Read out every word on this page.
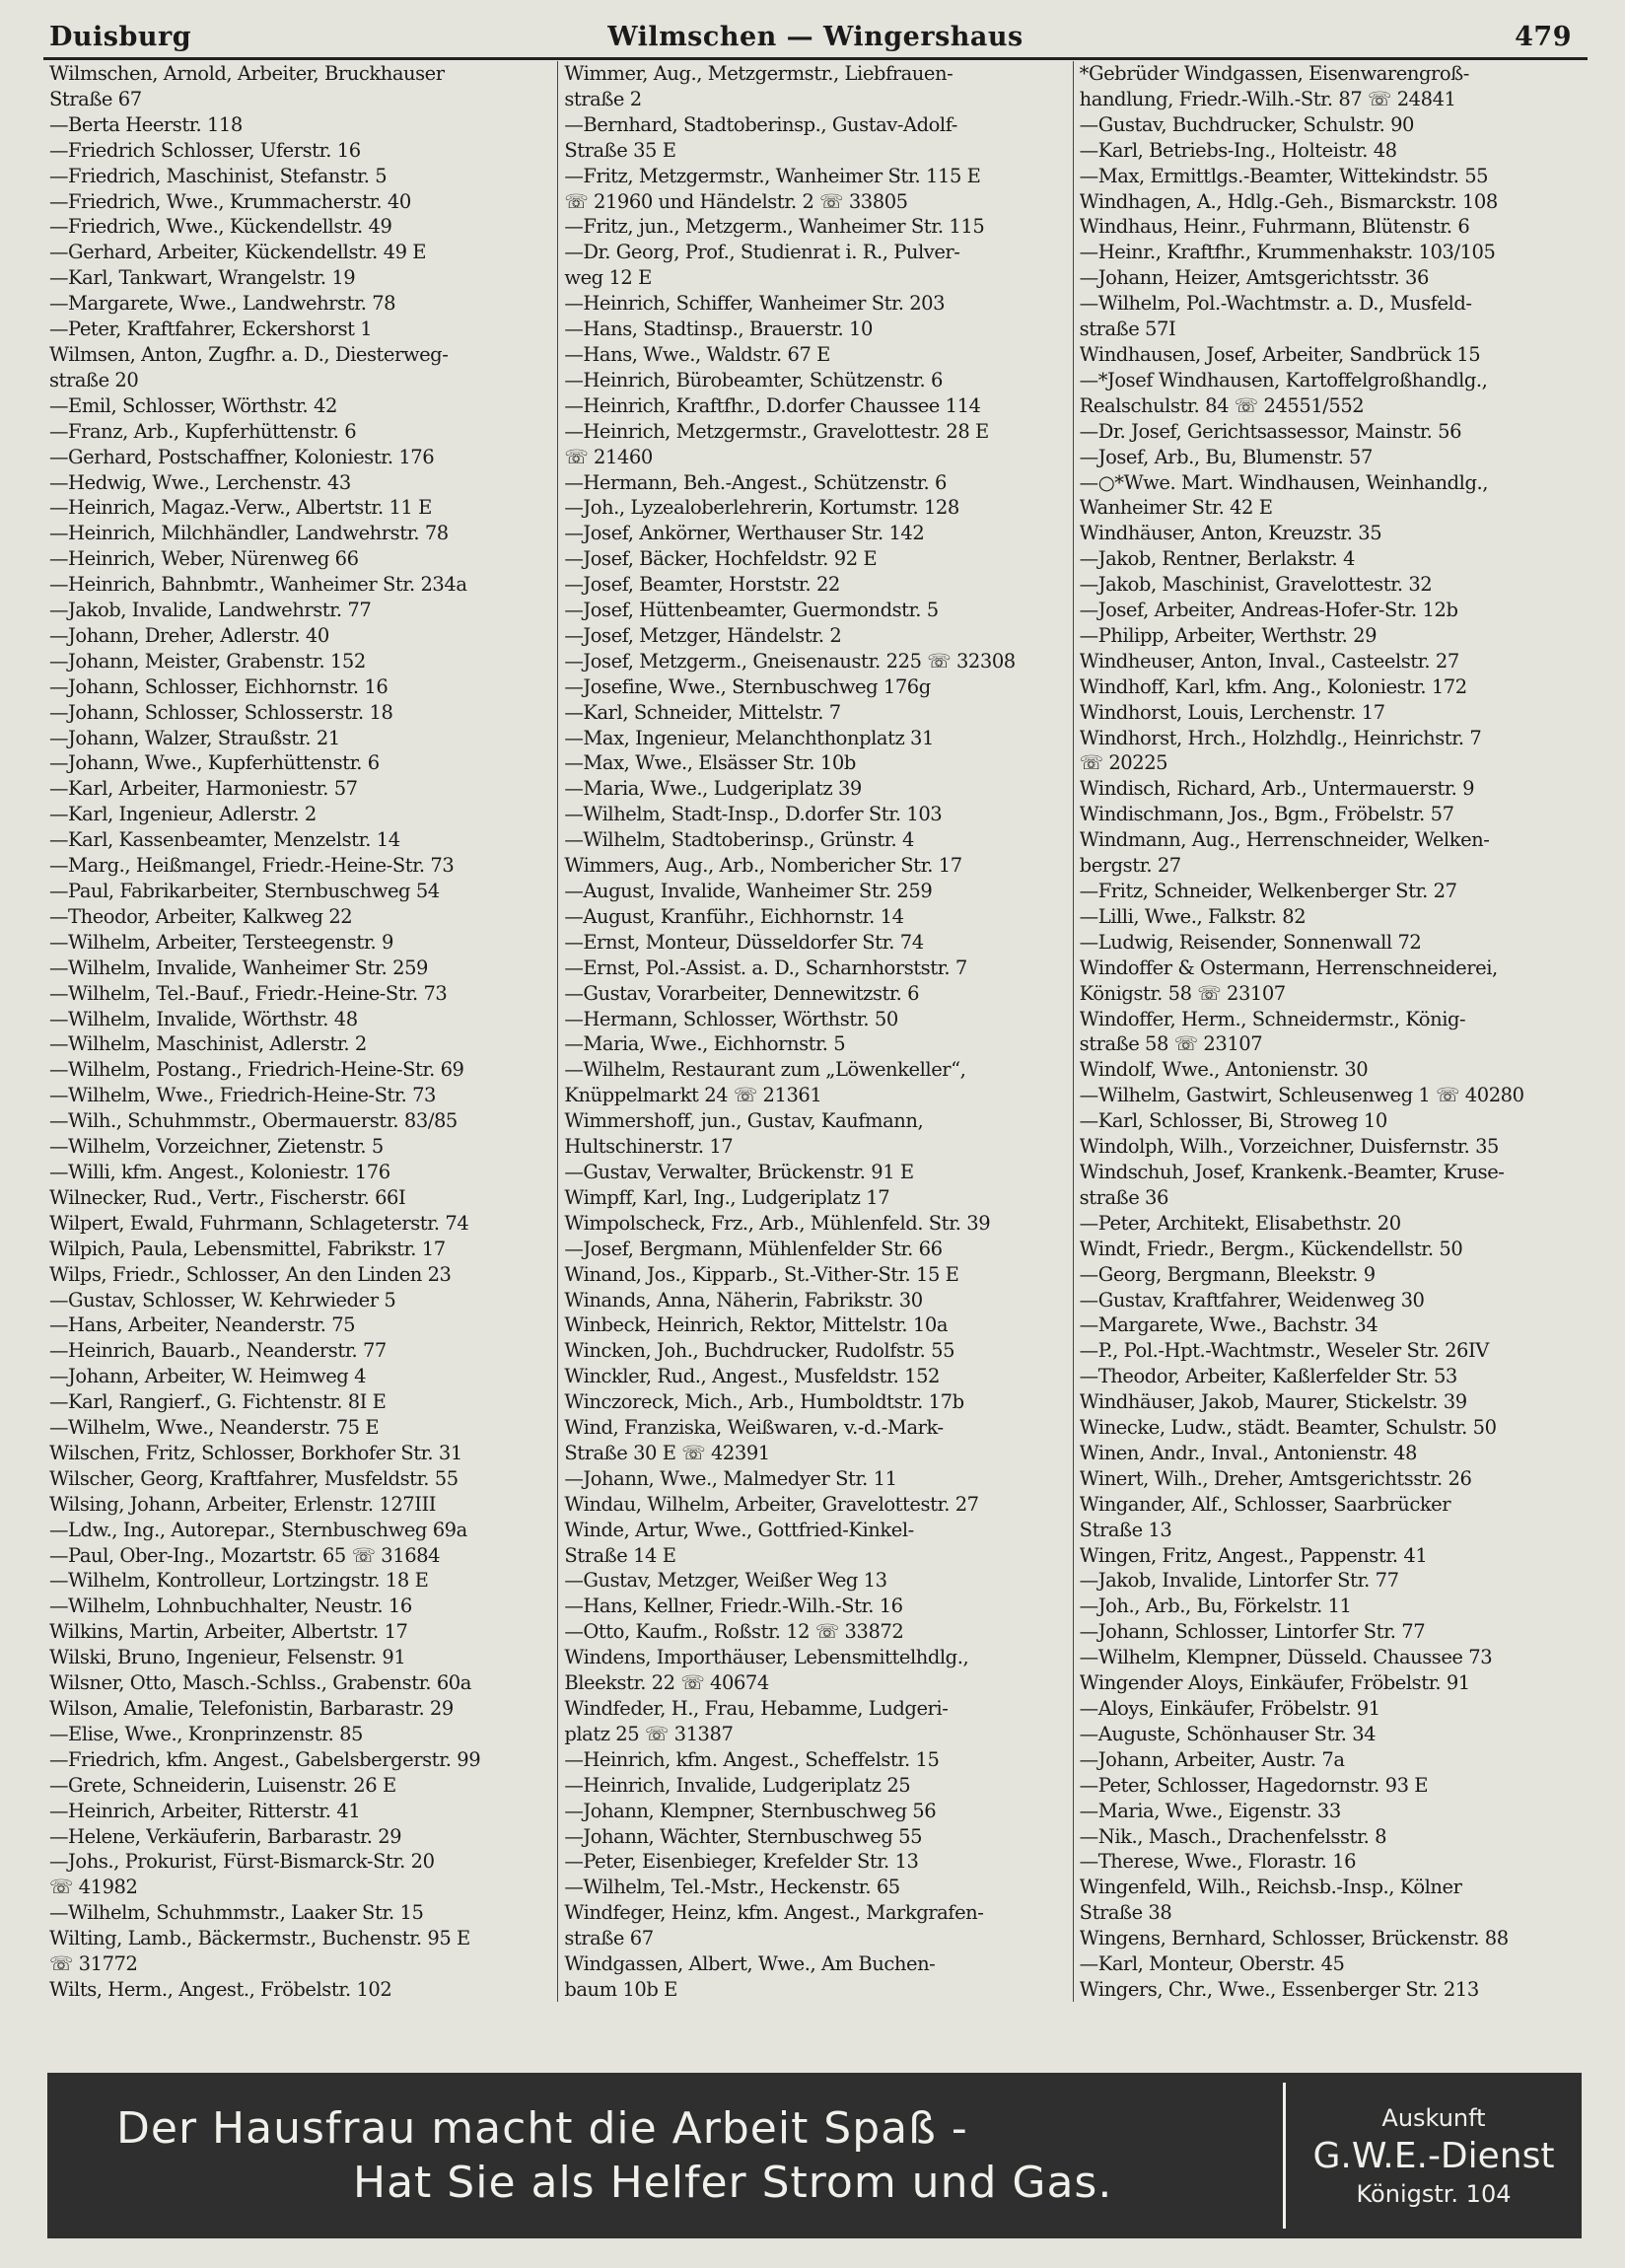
Duisburg	Wilmschen — Wingershaus	479
Wilmschen, Arnold, Arbeiter, Bruckhauser
Straße 67
—Berta Heerstr. 118
—Friedrich Schlosser, Uferstr. 16
—Friedrich, Maschinist, Stefanstr. 5
—Friedrich, Wwe., Krummacherstr. 40
—Friedrich, Wwe., Kückendellstr. 49
—Gerhard, Arbeiter, Kückendellstr. 49 E
—Karl, Tankwart, Wrangelstr. 19
—Margarete, Wwe., Landwehrstr. 78
—Peter, Kraftfahrer, Eckershorst 1
Wilmsen, Anton, Zugfhr. a. D., Diesterweg-
straße 20
—Emil, Schlosser, Wörthstr. 42
—Franz, Arb., Kupferhüttenstr. 6
—Gerhard, Postschaffner, Koloniestr. 176
—Hedwig, Wwe., Lerchenstr. 43
—Heinrich, Magaz.-Verw., Albertstr. 11 E
—Heinrich, Milchhändler, Landwehrstr. 78
—Heinrich, Weber, Nürenweg 66
—Heinrich, Bahnbmtr., Wanheimer Str. 234a
—Jakob, Invalide, Landwehrstr. 77
—Johann, Dreher, Adlerstr. 40
—Johann, Meister, Grabenstr. 152
—Johann, Schlosser, Eichhornstr. 16
—Johann, Schlosser, Schlosserstr. 18
—Johann, Walzer, Straußstr. 21
—Johann, Wwe., Kupferhüttenstr. 6
—Karl, Arbeiter, Harmoniestr. 57
—Karl, Ingenieur, Adlerstr. 2
—Karl, Kassenbeamter, Menzelstr. 14
—Marg., Heißmangel, Friedr.-Heine-Str. 73
—Paul, Fabrikarbeiter, Sternbuschweg 54
—Theodor, Arbeiter, Kalkweg 22
—Wilhelm, Arbeiter, Tersteegenstr. 9
—Wilhelm, Invalide, Wanheimer Str. 259
—Wilhelm, Tel.-Bauf., Friedr.-Heine-Str. 73
—Wilhelm, Invalide, Wörthstr. 48
—Wilhelm, Maschinist, Adlerstr. 2
—Wilhelm, Postang., Friedrich-Heine-Str. 69
—Wilhelm, Wwe., Friedrich-Heine-Str. 73
—Wilh., Schuhmmstr., Obermauerstr. 83/85
—Wilhelm, Vorzeichner, Zietenstr. 5
—Willi, kfm. Angest., Koloniestr. 176
Wilnecker, Rud., Vertr., Fischerstr. 66I
Wilpert, Ewald, Fuhrmann, Schlageterstr. 74
Wilpich, Paula, Lebensmittel, Fabrikstr. 17
Wilps, Friedr., Schlosser, An den Linden 23
—Gustav, Schlosser, W. Kehrwieder 5
—Hans, Arbeiter, Neanderstr. 75
—Heinrich, Bauarb., Neanderstr. 77
—Johann, Arbeiter, W. Heimweg 4
—Karl, Rangierf., G. Fichtenstr. 8I E
—Wilhelm, Wwe., Neanderstr. 75 E
Wilschen, Fritz, Schlosser, Borkhofer Str. 31
Wilscher, Georg, Kraftfahrer, Musfeldstr. 55
Wilsing, Johann, Arbeiter, Erlenstr. 127III
—Ldw., Ing., Autorepar., Sternbuschweg 69a
—Paul, Ober-Ing., Mozartstr. 65 ☏ 31684
—Wilhelm, Kontrolleur, Lortzingstr. 18 E
—Wilhelm, Lohnbuchhalter, Neustr. 16
Wilkins, Martin, Arbeiter, Albertstr. 17
Wilski, Bruno, Ingenieur, Felsenstr. 91
Wilsner, Otto, Masch.-Schlss., Grabenstr. 60a
Wilson, Amalie, Telefonistin, Barbarastr. 29
—Elise, Wwe., Kronprinzenstr. 85
—Friedrich, kfm. Angest., Gabelsbergerstr. 99
—Grete, Schneiderin, Luisenstr. 26 E
—Heinrich, Arbeiter, Ritterstr. 41
—Helene, Verkäuferin, Barbarastr. 29
—Johs., Prokurist, Fürst-Bismarck-Str. 20
☏ 41982
—Wilhelm, Schuhmmstr., Laaker Str. 15
Wilting, Lamb., Bäckermstr., Buchenstr. 95 E
☏ 31772
Wilts, Herm., Angest., Fröbelstr. 102
Wimmer, Aug., Metzgermstr., Liebfrauen-
straße 2
—Bernhard, Stadtoberinsp., Gustav-Adolf-
Straße 35 E
—Fritz, Metzgermstr., Wanheimer Str. 115 E
☏ 21960 und Händelstr. 2 ☏ 33805
—Fritz, jun., Metzgerm., Wanheimer Str. 115
—Dr. Georg, Prof., Studienrat i. R., Pulver-
weg 12 E
—Heinrich, Schiffer, Wanheimer Str. 203
—Hans, Stadtinsp., Brauerstr. 10
—Hans, Wwe., Waldstr. 67 E
—Heinrich, Bürobeamter, Schützenstr. 6
—Heinrich, Kraftfhr., D.dorfer Chaussee 114
—Heinrich, Metzgermstr., Gravelottestr. 28 E
☏ 21460
—Hermann, Beh.-Angest., Schützenstr. 6
—Joh., Lyzealoberlehrerin, Kortumstr. 128
—Josef, Ankörner, Werthauser Str. 142
—Josef, Bäcker, Hochfeldstr. 92 E
—Josef, Beamter, Horststr. 22
—Josef, Hüttenbeamter, Guermondstr. 5
—Josef, Metzger, Händelstr. 2
—Josef, Metzgerm., Gneisenaustr. 225 ☏ 32308
—Josefine, Wwe., Sternbuschweg 176g
—Karl, Schneider, Mittelstr. 7
—Max, Ingenieur, Melanchthonplatz 31
—Max, Wwe., Elsässer Str. 10b
—Maria, Wwe., Ludgeriplatz 39
—Wilhelm, Stadt-Insp., D.dorfer Str. 103
—Wilhelm, Stadtoberinsp., Grünstr. 4
Wimmers, Aug., Arb., Nombericher Str. 17
—August, Invalide, Wanheimer Str. 259
—August, Kranführ., Eichhornstr. 14
—Ernst, Monteur, Düsseldorfer Str. 74
—Ernst, Pol.-Assist. a. D., Scharnhorststr. 7
—Gustav, Vorarbeiter, Dennewitzstr. 6
—Hermann, Schlosser, Wörthstr. 50
—Maria, Wwe., Eichhornstr. 5
—Wilhelm, Restaurant zum „Löwenkeller“,
Knüppelmarkt 24 ☏ 21361
Wimmershoff, jun., Gustav, Kaufmann,
Hultschinerstr. 17
—Gustav, Verwalter, Brückenstr. 91 E
Wimpff, Karl, Ing., Ludgeriplatz 17
Wimpolscheck, Frz., Arb., Mühlenfeld. Str. 39
—Josef, Bergmann, Mühlenfelder Str. 66
Winand, Jos., Kipparb., St.-Vither-Str. 15 E
Winands, Anna, Näherin, Fabrikstr. 30
Winbeck, Heinrich, Rektor, Mittelstr. 10a
Wincken, Joh., Buchdrucker, Rudolfstr. 55
Winckler, Rud., Angest., Musfeldstr. 152
Winczoreck, Mich., Arb., Humboldtstr. 17b
Wind, Franziska, Weißwaren, v.-d.-Mark-
Straße 30 E ☏ 42391
—Johann, Wwe., Malmedyer Str. 11
Windau, Wilhelm, Arbeiter, Gravelottestr. 27
Winde, Artur, Wwe., Gottfried-Kinkel-
Straße 14 E
—Gustav, Metzger, Weißer Weg 13
—Hans, Kellner, Friedr.-Wilh.-Str. 16
—Otto, Kaufm., Roßstr. 12 ☏ 33872
Windens, Importhäuser, Lebensmittelhdlg.,
Bleekstr. 22 ☏ 40674
Windfeder, H., Frau, Hebamme, Ludgeri-
platz 25 ☏ 31387
—Heinrich, kfm. Angest., Scheffelstr. 15
—Heinrich, Invalide, Ludgeriplatz 25
—Johann, Klempner, Sternbuschweg 56
—Johann, Wächter, Sternbuschweg 55
—Peter, Eisenbieger, Krefelder Str. 13
—Wilhelm, Tel.-Mstr., Heckenstr. 65
Windfeger, Heinz, kfm. Angest., Markgrafen-
straße 67
Windgassen, Albert, Wwe., Am Buchen-
baum 10b E
*Gebrüder Windgassen, Eisenwarengroß-
handlung, Friedr.-Wilh.-Str. 87 ☏ 24841
—Gustav, Buchdrucker, Schulstr. 90
—Karl, Betriebs-Ing., Holteistr. 48
—Max, Ermittlgs.-Beamter, Wittekindstr. 55
Windhagen, A., Hdlg.-Geh., Bismarckstr. 108
Windhaus, Heinr., Fuhrmann, Blütenstr. 6
—Heinr., Kraftfhr., Krummenhakstr. 103/105
—Johann, Heizer, Amtsgerichtsstr. 36
—Wilhelm, Pol.-Wachtmstr. a. D., Musfeld-
straße 57I
Windhausen, Josef, Arbeiter, Sandbrück 15
—*Josef Windhausen, Kartoffelgroßhandlg.,
Realschulstr. 84 ☏ 24551/552
—Dr. Josef, Gerichtsassessor, Mainstr. 56
—Josef, Arb., Bu, Blumenstr. 57
—○*Wwe. Mart. Windhausen, Weinhandlg.,
Wanheimer Str. 42 E
Windhäuser, Anton, Kreuzstr. 35
—Jakob, Rentner, Berlakstr. 4
—Jakob, Maschinist, Gravelottestr. 32
—Josef, Arbeiter, Andreas-Hofer-Str. 12b
—Philipp, Arbeiter, Werthstr. 29
Windheuser, Anton, Inval., Casteelstr. 27
Windhoff, Karl, kfm. Ang., Koloniestr. 172
Windhorst, Louis, Lerchenstr. 17
Windhorst, Hrch., Holzhdlg., Heinrichstr. 7
☏ 20225
Windisch, Richard, Arb., Untermauerstr. 9
Windischmann, Jos., Bgm., Fröbelstr. 57
Windmann, Aug., Herrenschneider, Welken-
bergstr. 27
—Fritz, Schneider, Welkenberger Str. 27
—Lilli, Wwe., Falkstr. 82
—Ludwig, Reisender, Sonnenwall 72
Windoffer & Ostermann, Herrenschneiderei,
Königstr. 58 ☏ 23107
Windoffer, Herm., Schneidermstr., König-
straße 58 ☏ 23107
Windolf, Wwe., Antonienstr. 30
—Wilhelm, Gastwirt, Schleusenweg 1 ☏ 40280
—Karl, Schlosser, Bi, Stroweg 10
Windolph, Wilh., Vorzeichner, Duisfernstr. 35
Windschuh, Josef, Krankenk.-Beamter, Kruse-
straße 36
—Peter, Architekt, Elisabethstr. 20
Windt, Friedr., Bergm., Kückendellstr. 50
—Georg, Bergmann, Bleekstr. 9
—Gustav, Kraftfahrer, Weidenweg 30
—Margarete, Wwe., Bachstr. 34
—P., Pol.-Hpt.-Wachtmstr., Weseler Str. 26IV
—Theodor, Arbeiter, Kaßlerfelder Str. 53
Windhäuser, Jakob, Maurer, Stickelstr. 39
Winecke, Ludw., städt. Beamter, Schulstr. 50
Winen, Andr., Inval., Antonienstr. 48
Winert, Wilh., Dreher, Amtsgerichtsstr. 26
Wingander, Alf., Schlosser, Saarbrücker
Straße 13
Wingen, Fritz, Angest., Pappenstr. 41
—Jakob, Invalide, Lintorfer Str. 77
—Joh., Arb., Bu, Förkelstr. 11
—Johann, Schlosser, Lintorfer Str. 77
—Wilhelm, Klempner, Düsseld. Chaussee 73
Wingender Aloys, Einkäufer, Fröbelstr. 91
—Aloys, Einkäufer, Fröbelstr. 91
—Auguste, Schönhauser Str. 34
—Johann, Arbeiter, Austr. 7a
—Peter, Schlosser, Hagedornstr. 93 E
—Maria, Wwe., Eigenstr. 33
—Nik., Masch., Drachenfelsstr. 8
—Therese, Wwe., Florastr. 16
Wingenfeld, Wilh., Reichsb.-Insp., Kölner
Straße 38
Wingens, Bernhard, Schlosser, Brückenstr. 88
—Karl, Monteur, Oberstr. 45
Wingers, Chr., Wwe., Essenberger Str. 213
Der Hausfrau macht die Arbeit Spaß -
Hat Sie als Helfer Strom und Gas.
Auskunft
G.W.E.-Dienst
Königstr. 104
